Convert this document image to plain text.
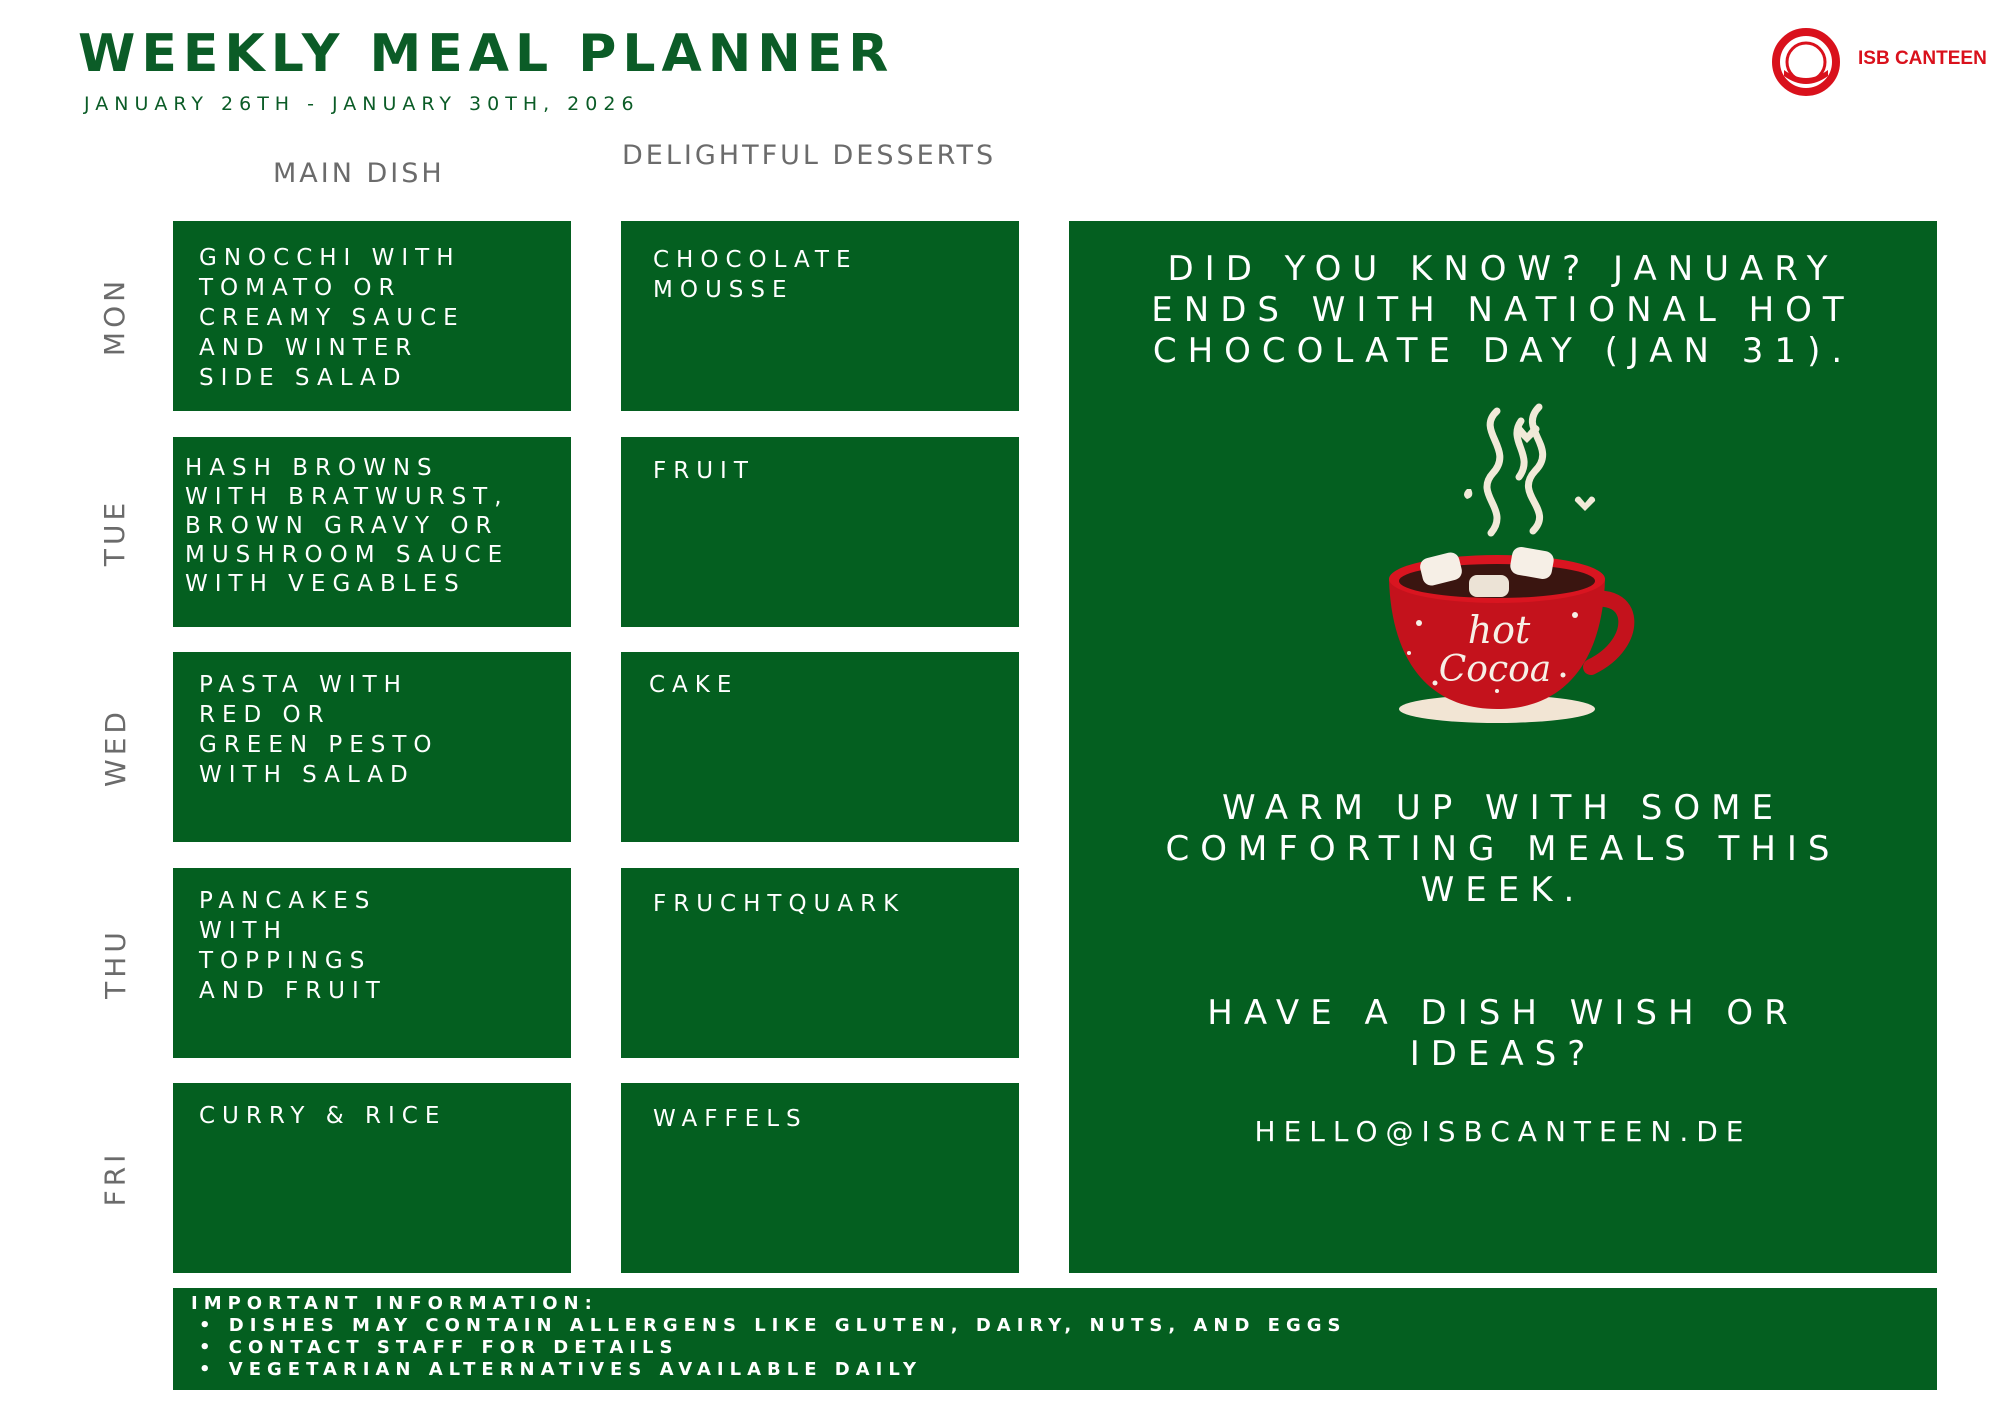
WEEKLY MEAL PLANNER
JANUARY 26TH - JANUARY 30TH, 2026
ISB CANTEEN
MAIN DISH
DELIGHTFUL DESSERTS
MON
GNOCCHI WITH
TOMATO OR
CREAMY SAUCE
AND WINTER
SIDE SALAD
CHOCOLATE
MOUSSE
TUE
HASH BROWNS
WITH BRATWURST,
BROWN GRAVY OR
MUSHROOM SAUCE
WITH VEGABLES
FRUIT
WED
PASTA WITH
RED OR
GREEN PESTO
WITH SALAD
CAKE
THU
PANCAKES
WITH
TOPPINGS
AND FRUIT
FRUCHTQUARK
FRI
CURRY & RICE	WAFFELS
DID YOU KNOW? JANUARY
ENDS WITH NATIONAL HOT
CHOCOLATE DAY (JAN 31).
hot
Cocoa
WARM UP WITH SOME
COMFORTING MEALS THIS
WEEK.
HAVE A DISH WISH OR
IDEAS?
HELLO@ISBCANTEEN.DE
IMPORTANT INFORMATION:
• DISHES MAY CONTAIN ALLERGENS LIKE GLUTEN, DAIRY, NUTS, AND EGGS
• CONTACT STAFF FOR DETAILS
• VEGETARIAN ALTERNATIVES AVAILABLE DAILY
